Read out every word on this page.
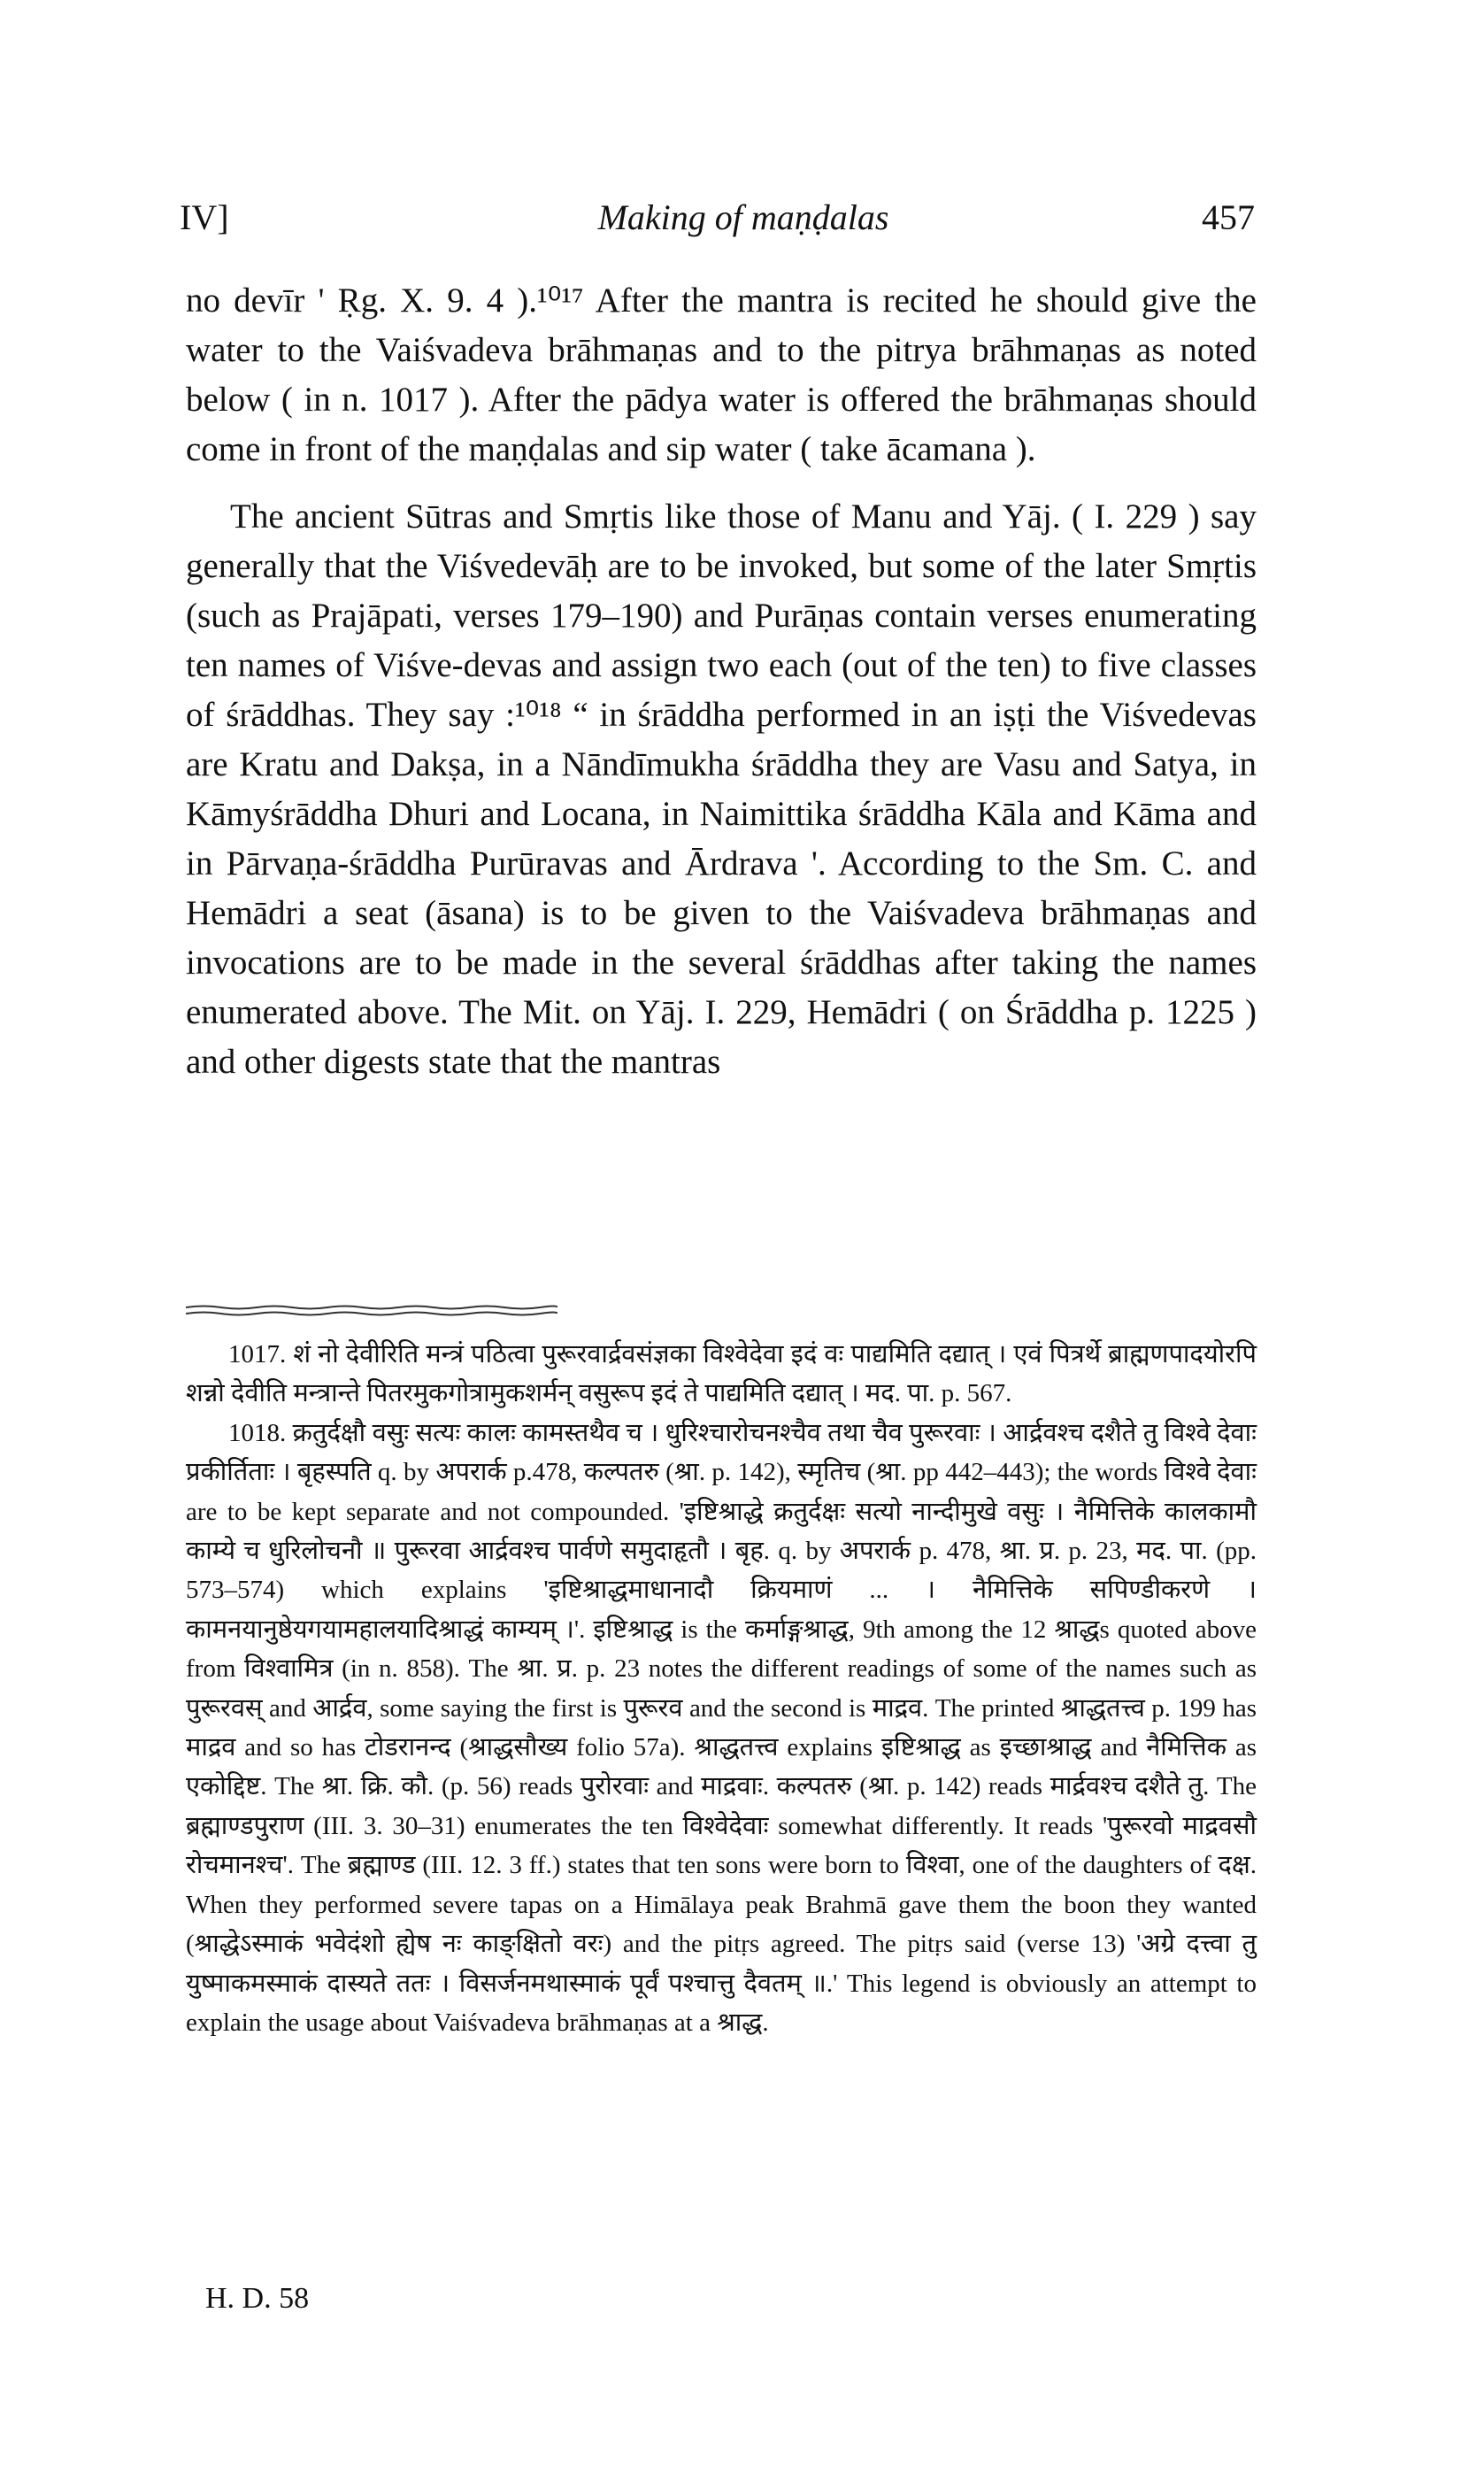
IV]	Making of maṇḍalas	457

no devīr ' Ṛg. X. 9. 4 ).¹⁰¹⁷ After the mantra is recited he should give the water to the Vaiśvadeva brāhmaṇas and to the pitrya brāhmaṇas as noted below ( in n. 1017 ). After the pādya water is offered the brāhmaṇas should come in front of the maṇḍalas and sip water ( take ācamana ).

The ancient Sūtras and Smṛtis like those of Manu and Yāj. ( I. 229 ) say generally that the Viśvedevāḥ are to be invoked, but some of the later Smṛtis (such as Prajāpati, verses 179–190) and Purāṇas contain verses enumerating ten names of Viśve-devas and assign two each (out of the ten) to five classes of śrāddhas. They say :¹⁰¹⁸ “ in śrāddha performed in an iṣṭi the Viśvedevas are Kratu and Dakṣa, in a Nāndīmukha śrāddha they are Vasu and Satya, in Kāmyśrāddha Dhuri and Locana, in Naimittika śrāddha Kāla and Kāma and in Pārvaṇa-śrāddha Purūravas and Ārdrava '. According to the Sm. C. and Hemādri a seat (āsana) is to be given to the Vaiśvadeva brāhmaṇas and invocations are to be made in the several śrāddhas after taking the names enumerated above. The Mit. on Yāj. I. 229, Hemādri ( on Śrāddha p. 1225 ) and other digests state that the mantras

1017. शं नो देवीरिति मन्त्रं पठित्वा पुरूरवार्द्रवसंज्ञका विश्वेदेवा इदं वः पाद्यमिति दद्यात् । एवं पित्रर्थे ब्राह्मणपादयोरपि शन्नो देवीति मन्त्रान्ते पितरमुकगोत्रामुकशर्मन् वसुरूप इदं ते पाद्यमिति दद्यात् । मद. पा. p. 567.

1018. क्रतुर्दक्षौ वसुः सत्यः कालः कामस्तथैव च । धुरिश्चारोचनश्चैव तथा चैव पुरूरवाः । आर्द्रवश्च दशैते तु विश्वे देवाः प्रकीर्तिताः । बृहस्पति q. by अपरार्क p.478, कल्पतरु (श्रा. p. 142), स्मृतिच (श्रा. pp 442–443); the words विश्वे देवाः are to be kept separate and not compounded. 'इष्टिश्राद्धे क्रतुर्दक्षः सत्यो नान्दीमुखे वसुः । नैमित्तिके कालकामौ काम्ये च धुरिलोचनौ ॥ पुरूरवा आर्द्रवश्च पार्वणे समुदाहृतौ । बृह. q. by अपरार्क p. 478, श्रा. प्र. p. 23, मद. पा. (pp. 573–574) which explains 'इष्टिश्राद्धमाधानादौ क्रियमाणं ... । नैमित्तिके सपिण्डीकरणे । कामनयानुष्ठेयगयामहालयादिश्राद्धं काम्यम् ।'. इष्टिश्राद्ध is the कर्माङ्गश्राद्ध, 9th among the 12 श्राद्धs quoted above from विश्वामित्र (in n. 858). The श्रा. प्र. p. 23 notes the different readings of some of the names such as पुरूरवस् and आर्द्रव, some saying the first is पुरूरव and the second is माद्रव. The printed श्राद्धतत्त्व p. 199 has माद्रव and so has टोडरानन्द (श्राद्धसौख्य folio 57a). श्राद्धतत्त्व explains इष्टिश्राद्ध as इच्छाश्राद्ध and नैमित्तिक as एकोद्दिष्ट. The श्रा. क्रि. कौ. (p. 56) reads पुरोरवाः and माद्रवाः. कल्पतरु (श्रा. p. 142) reads मार्द्रवश्च दशैते तु. The ब्रह्माण्डपुराण (III. 3. 30–31) enumerates the ten विश्वेदेवाः somewhat differently. It reads 'पुरूरवो माद्रवसौ रोचमानश्च'. The ब्रह्माण्ड (III. 12. 3 ff.) states that ten sons were born to विश्वा, one of the daughters of दक्ष. When they performed severe tapas on a Himālaya peak Brahmā gave them the boon they wanted (श्राद्धेऽस्माकं भवेदंशो ह्येष नः काङ्क्षितो वरः) and the pitṛs agreed. The pitṛs said (verse 13) 'अग्रे दत्त्वा तु युष्माकमस्माकं दास्यते ततः । विसर्जनमथास्माकं पूर्वं पश्चात्तु दैवतम् ॥.' This legend is obviously an attempt to explain the usage about Vaiśvadeva brāhmaṇas at a श्राद्ध.

H. D. 58
